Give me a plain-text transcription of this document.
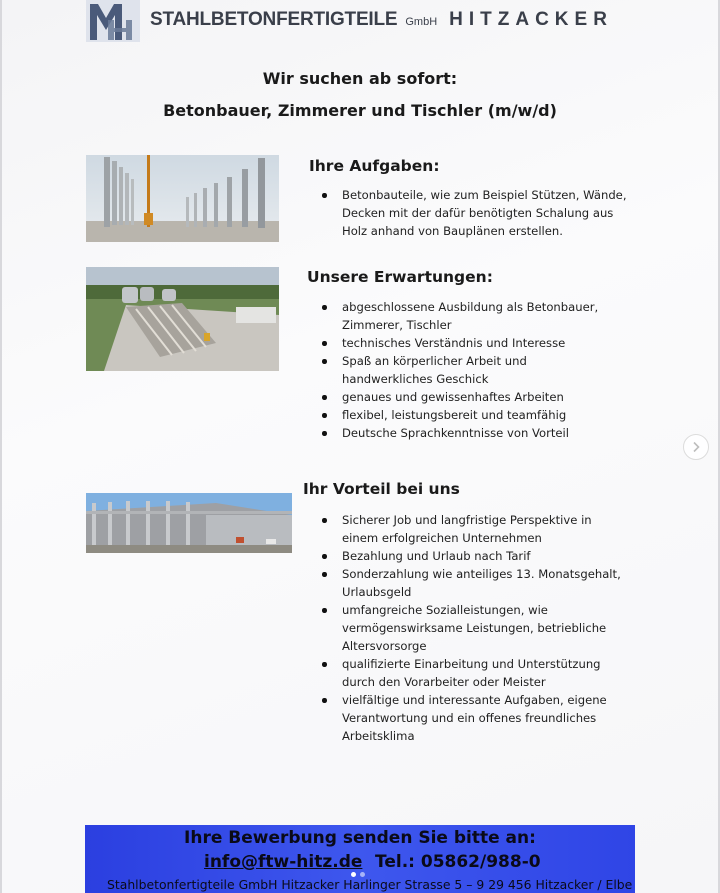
STAHLBETONFERTIGTEILE GmbH HITZACKER
Wir suchen ab sofort:
Betonbauer, Zimmerer und Tischler (m/w/d)
Ihre Aufgaben:
Betonbauteile, wie zum Beispiel Stützen, Wände, Decken mit der dafür benötigten Schalung aus Holz anhand von Bauplänen erstellen.
Unsere Erwartungen:
abgeschlossene Ausbildung als Betonbauer, Zimmerer, Tischler
technisches Verständnis und Interesse
Spaß an körperlicher Arbeit und handwerkliches Geschick
genaues und gewissenhaftes Arbeiten
flexibel, leistungsbereit und teamfähig
Deutsche Sprachkenntnisse von Vorteil
Ihr Vorteil bei uns
Sicherer Job und langfristige Perspektive in einem erfolgreichen Unternehmen
Bezahlung und Urlaub nach Tarif
Sonderzahlung wie anteiliges 13. Monatsgehalt, Urlaubsgeld
umfangreiche Sozialleistungen, wie vermögenswirksame Leistungen, betriebliche Altersvorsorge
qualifizierte Einarbeitung und Unterstützung durch den Vorarbeiter oder Meister
vielfältige und interessante Aufgaben, eigene Verantwortung und ein offenes freundliches Arbeitsklima
Ihre Bewerbung senden Sie bitte an:
info@ftw-hitz.de Tel.: 05862/988-0
Stahlbetonfertigteile GmbH Hitzacker Harlinger Strasse 5 – 9 29 456 Hitzacker / Elbe
